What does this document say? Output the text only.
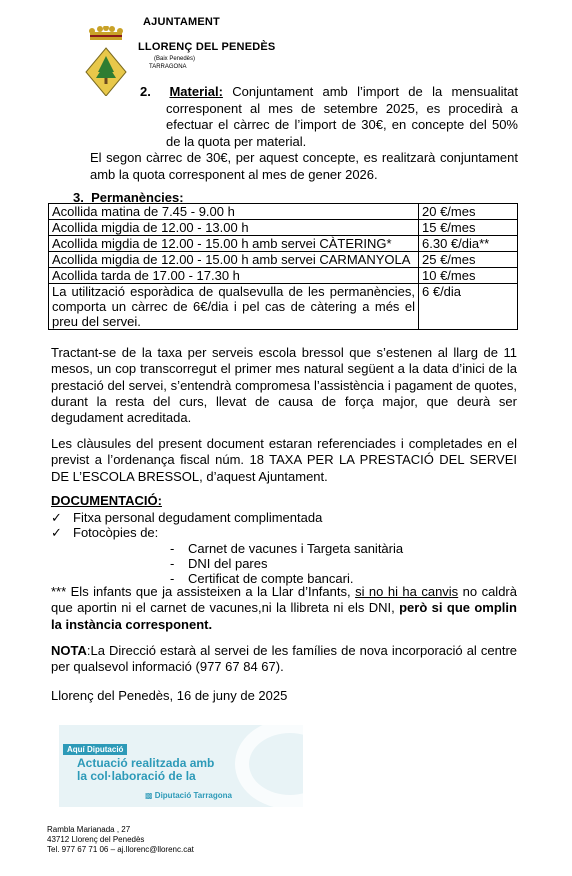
AJUNTAMENT
LLORENÇ DEL PENEDÈS
(Baix Penedès)
TARRAGONA

2. Material: Conjuntament amb l’import de la mensualitat corresponent al mes de setembre 2025, es procedirà a efectuar el càrrec de l’import de 30€, en concepte del 50% de la quota per material.

El segon càrrec de 30€, per aquest concepte, es realitzarà conjuntament amb la quota corresponent al mes de gener 2026.

3. Permanències:
Acollida matina de 7.45 - 9.00 h	20 €/mes
Acollida migdia de 12.00 - 13.00 h	15 €/mes
Acollida migdia de 12.00 - 15.00 h amb servei CÀTERING*	6.30 €/dia**
Acollida migdia de 12.00 - 15.00 h amb servei CARMANYOLA	25 €/mes
Acollida tarda de 17.00 - 17.30 h	10 €/mes
La utilització esporàdica de qualsevulla de les permanències, comporta un càrrec de 6€/dia i pel cas de càtering a més el preu del servei.	6 €/dia

Tractant-se de la taxa per serveis escola bressol que s’estenen al llarg de 11 mesos, un cop transcorregut el primer mes natural següent a la data d’inici de la prestació del servei, s’entendrà compromesa l’assistència i pagament de quotes, durant la resta del curs, llevat de causa de força major, que deurà ser degudament acreditada.

Les clàusules del present document estaran referenciades i completades en el previst a l’ordenança fiscal núm. 18 TAXA PER LA PRESTACIÓ DEL SERVEI DE L’ESCOLA BRESSOL, d’aquest Ajuntament.

DOCUMENTACIÓ:
✓ Fitxa personal degudament complimentada
✓ Fotocòpies de:
- Carnet de vacunes i Targeta sanitària
- DNI del pares
- Certificat de compte bancari.

*** Els infants que ja assisteixen a la Llar d’Infants, si no hi ha canvis no caldrà que aportin ni el carnet de vacunes,ni la llibreta ni els DNI, però si que omplin la instància corresponent.

NOTA:La Direcció estarà al servei de les famílies de nova incorporació al centre per qualsevol informació (977 67 84 67).

Llorenç del Penedès, 16 de juny de 2025

Aquí Diputació
Actuació realitzada amb
la col·laboració de la
▩ Diputació Tarragona
Rambla Marianada , 27
43712 Llorenç del Penedès
Tel. 977 67 71 06 – aj.llorenc@llorenc.cat
